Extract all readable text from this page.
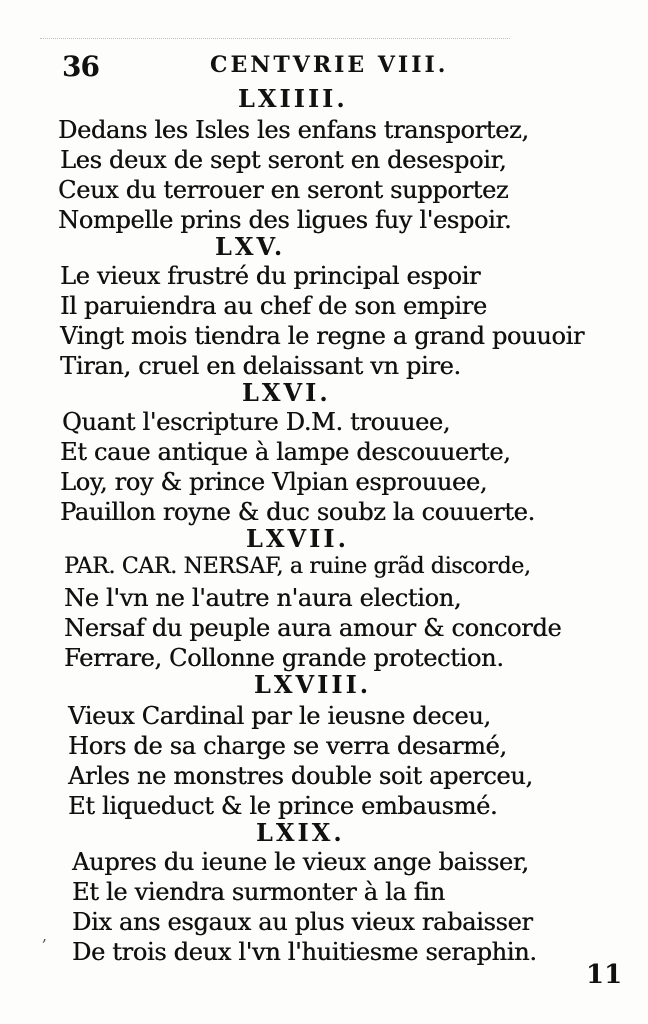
36	CENTVRIE VIII.
LXIIII.
Dedans les Isles les enfans transportez,
Les deux de sept seront en desespoir,
Ceux du terrouer en seront supportez
Nompelle prins des ligues fuy l'espoir.
LXV.
Le vieux frustré du principal espoir
Il paruiendra au chef de son empire
Vingt mois tiendra le regne a grand pouuoir
Tiran, cruel en delaissant vn pire.
LXVI.
Quant l'escripture D.M. trouuee,
Et caue antique à lampe descouuerte,
Loy, roy & prince Vlpian esprouuee,
Pauillon royne & duc soubz la couuerte.
LXVII.
PAR. CAR. NERSAF, a ruine grãd discorde,
Ne l'vn ne l'autre n'aura election,
Nersaf du peuple aura amour & concorde
Ferrare, Collonne grande protection.
LXVIII.
Vieux Cardinal par le ieusne deceu,
Hors de sa charge se verra desarmé,
Arles ne monstres double soit aperceu,
Et liqueduct & le prince embausmé.
LXIX.
Aupres du ieune le vieux ange baisser,
Et le viendra surmonter à la fin
Dix ans esgaux au plus vieux rabaisser
De trois deux l'vn l'huitiesme seraphin.
,
11
